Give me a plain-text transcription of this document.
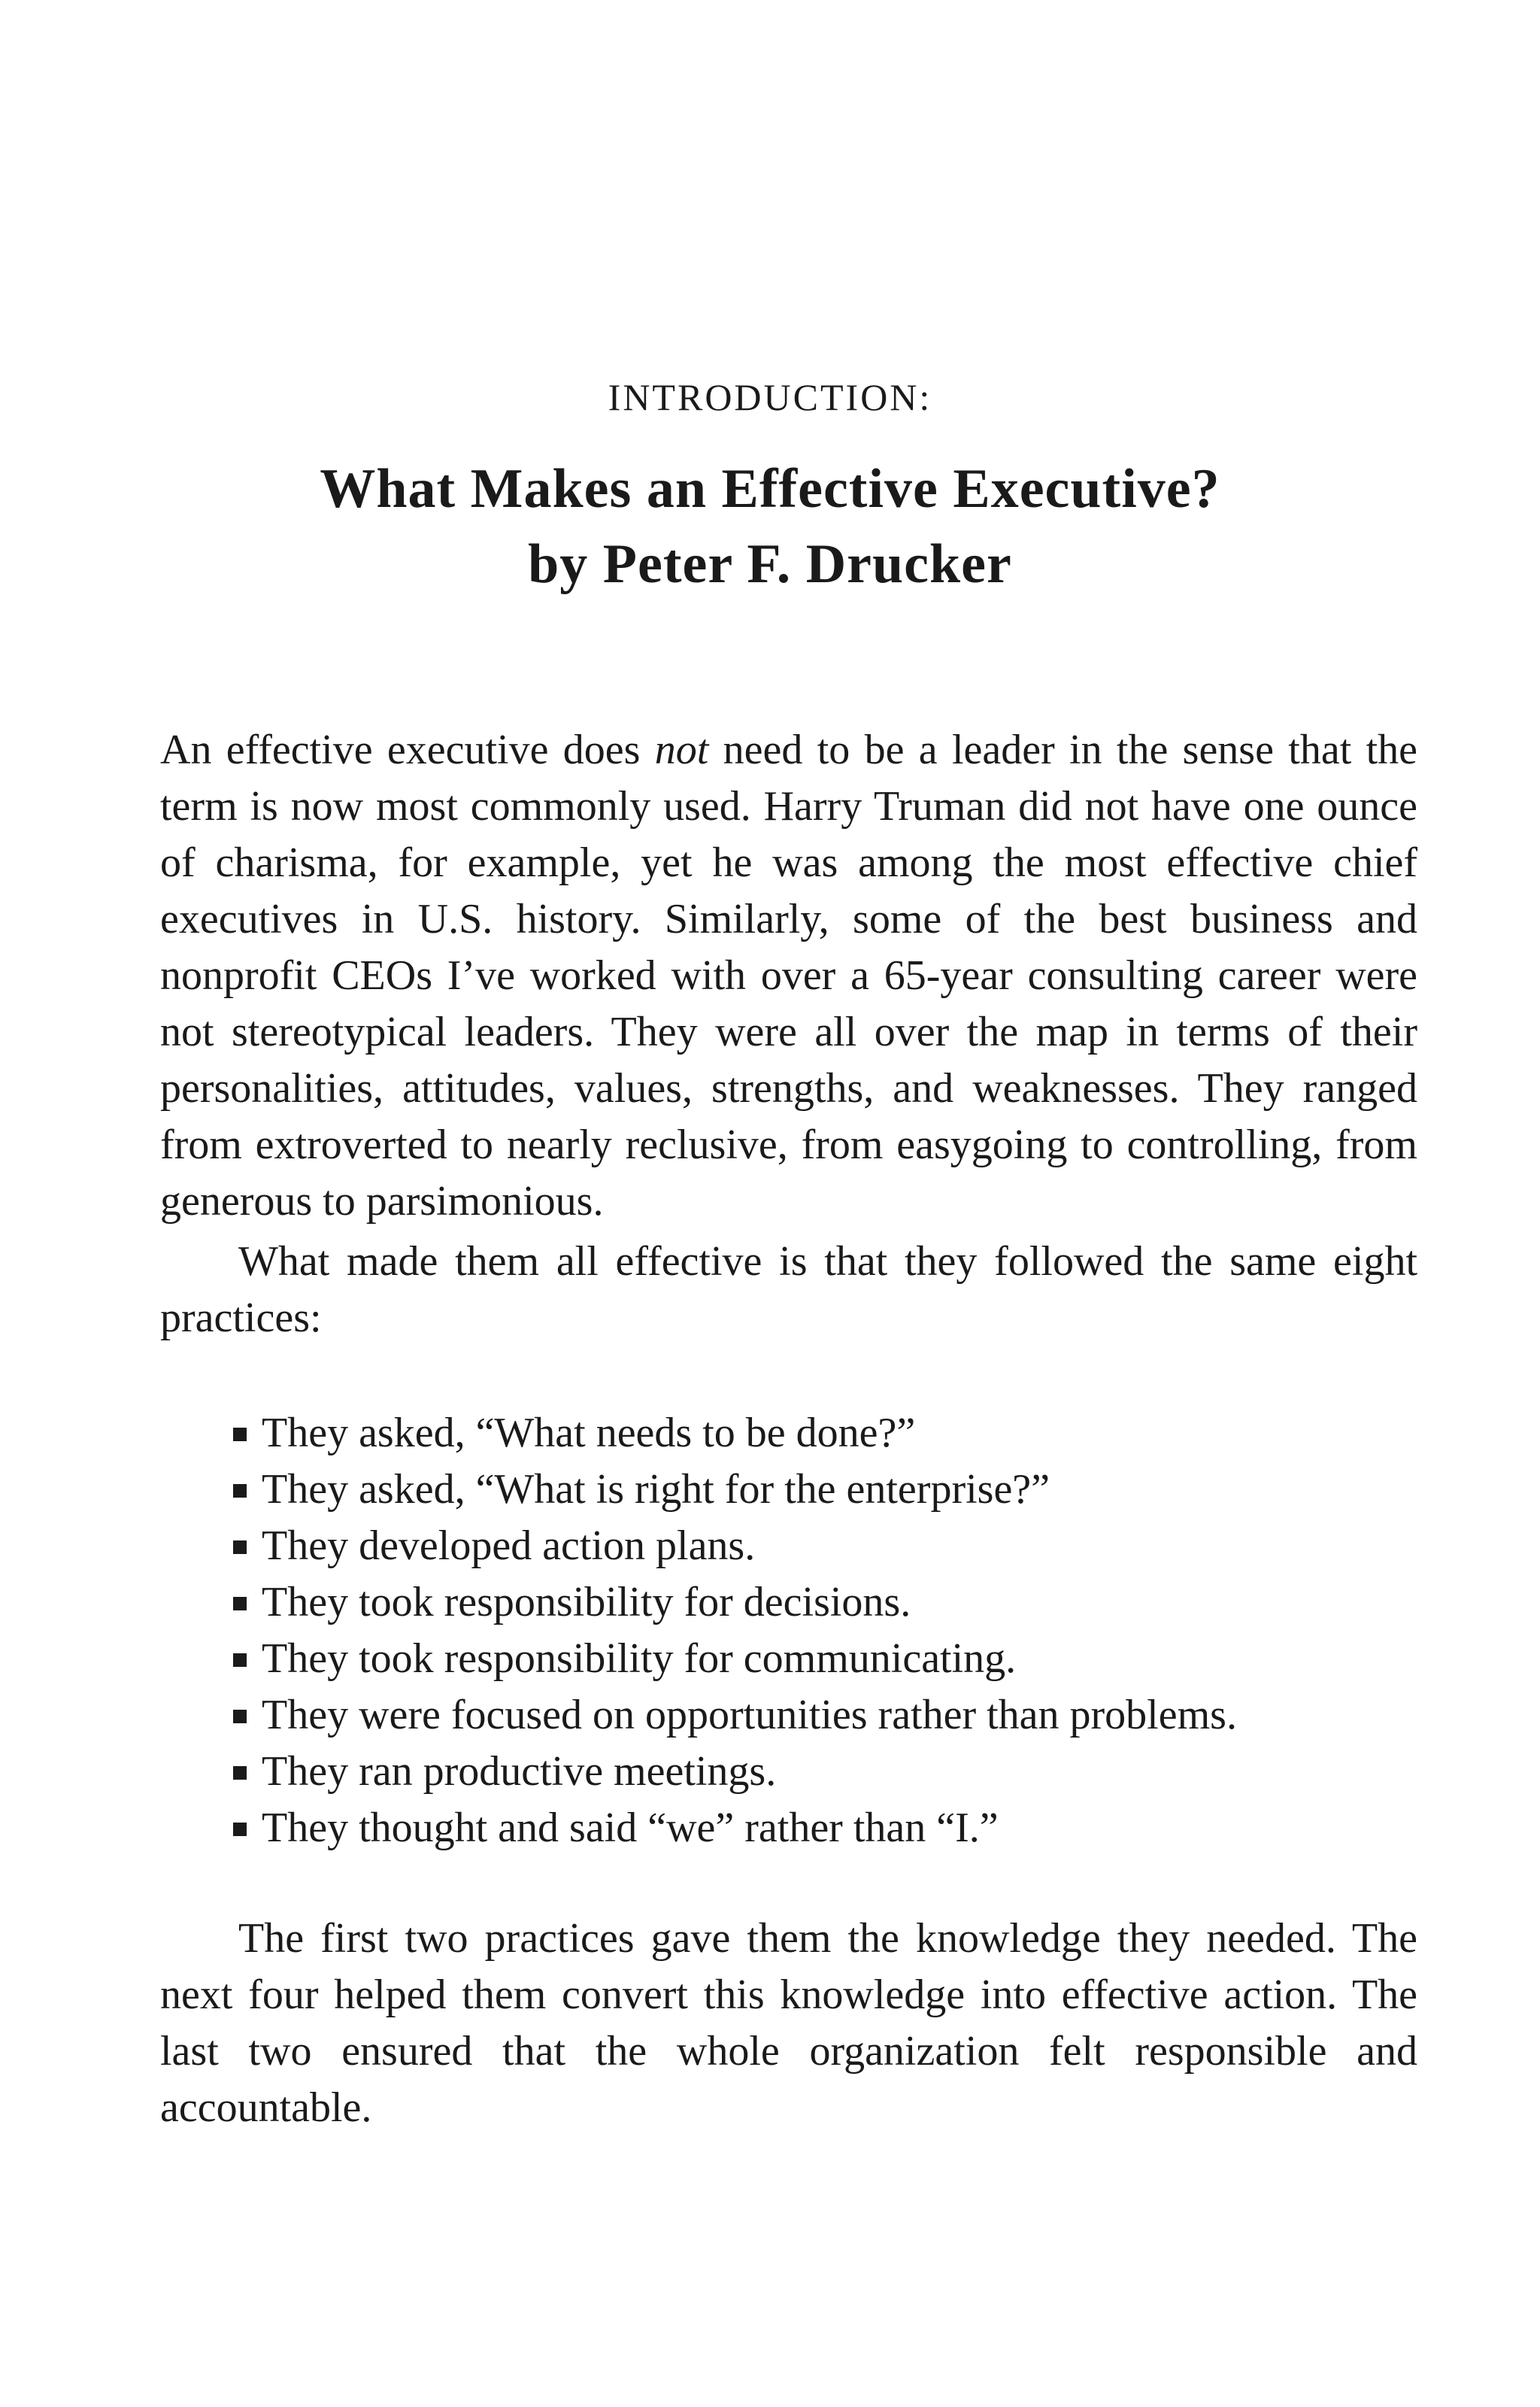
INTRODUCTION:
What Makes an Effective Executive?
by Peter F. Drucker

An effective executive does not need to be a leader in the sense that the term is now most commonly used. Harry Truman did not have one ounce of charisma, for example, yet he was among the most effective chief executives in U.S. history. Similarly, some of the best business and nonprofit CEOs I’ve worked with over a 65-year consulting career were not stereotypical leaders. They were all over the map in terms of their personalities, attitudes, values, strengths, and weaknesses. They ranged from extroverted to nearly reclusive, from easygoing to controlling, from generous to parsimonious.

What made them all effective is that they followed the same eight practices:

They asked, “What needs to be done?”
They asked, “What is right for the enterprise?”
They developed action plans.
They took responsibility for decisions.
They took responsibility for communicating.
They were focused on opportunities rather than problems.
They ran productive meetings.
They thought and said “we” rather than “I.”

The first two practices gave them the knowledge they needed. The next four helped them convert this knowledge into effective action. The last two ensured that the whole organization felt responsible and accountable.
